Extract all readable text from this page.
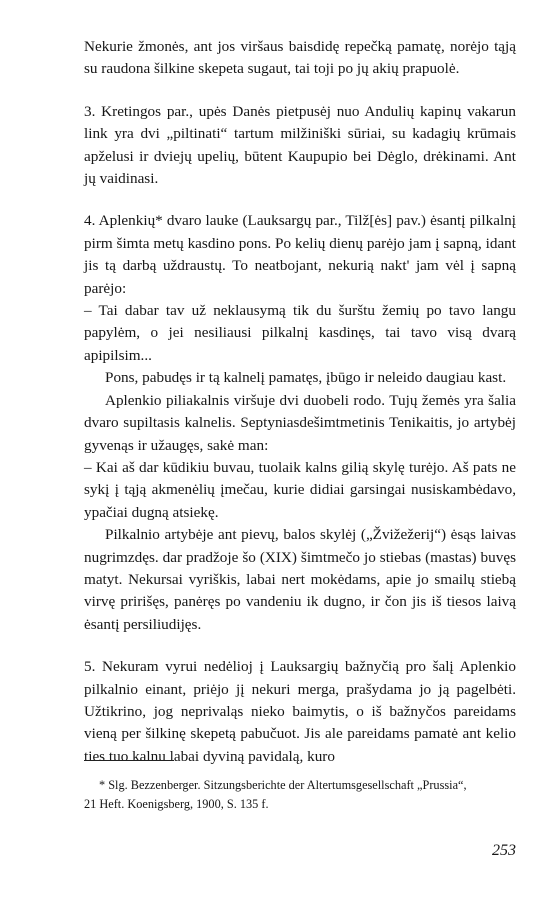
Nekurie žmonės, ant jos viršaus baisdidę repečką pamatę, norėjo tąją su raudona šilkine skepeta sugaut, tai toji po jų akių prapuolė.

3. Kretingos par., upės Danės pietpusėj nuo Andulių kapinų vakarun link yra dvi „piltinati“ tartum milžiniški sūriai, su kadagių krūmais apželusi ir dviejų upelių, būtent Kaupupio bei Dėglo, drėkinami. Ant jų vaidinasi.

4. Aplenkių* dvaro lauke (Lauksargų par., Tilž[ės] pav.) ėsantį pilkalnį pirm šimta metų kasdino pons. Po kelių dienų parėjo jam į sapną, idant jis tą darbą uždraustų. To neatbojant, nekurią nakt' jam vėl į sapną parėjo:

– Tai dabar tav už neklausymą tik du šurštu žemių po tavo langu papylėm, o jei nesiliausi pilkalnį kasdinęs, tai tavo visą dvarą apipilsim...

Pons, pabudęs ir tą kalnelį pamatęs, įbūgo ir neleido daugiau kast.

Aplenkio piliakalnis viršuje dvi duobeli rodo. Tujų žemės yra šalia dvaro supiltasis kalnelis. Septyniasdešimtmetinis Tenikaitis, jo artybėj gyvenąs ir užaugęs, sakė man:

– Kai aš dar kūdikiu buvau, tuolaik kalns gilią skylę turėjo. Aš pats ne sykį į tąją akmenėlių įmečau, kurie didiai garsingai nusiskambėdavo, ypačiai dugną atsiekę.

Pilkalnio artybėje ant pievų, balos skylėj („Žvižežerij“) ėsąs laivas nugrimzdęs. dar pradžoje šo (XIX) šimtmečo jo stiebas (mastas) buvęs matyt. Nekursai vyriškis, labai nert mokėdams, apie jo smailų stiebą virvę pririšęs, panėręs po vandeniu ik dugno, ir čon jis iš tiesos laivą ėsantį persiliudijęs.

5. Nekuram vyrui nedėlioj į Lauksargių bažnyčią pro šalį Aplenkio pilkalnio einant, priėjo jį nekuri merga, prašydama jo ją pagelbėti. Užtikrino, jog neprivaląs nieko baimytis, o iš bažnyčos pareidams vieną per šilkinę skepetą pabučuot. Jis ale pareidams pamatė ant kelio ties tuo kalnu labai dyviną pavidalą, kuro

* Slg. Bezzenberger. Sitzungsberichte der Altertumsgesellschaft „Prussia“,

21 Heft. Koenigsberg, 1900, S. 135 f.

253
